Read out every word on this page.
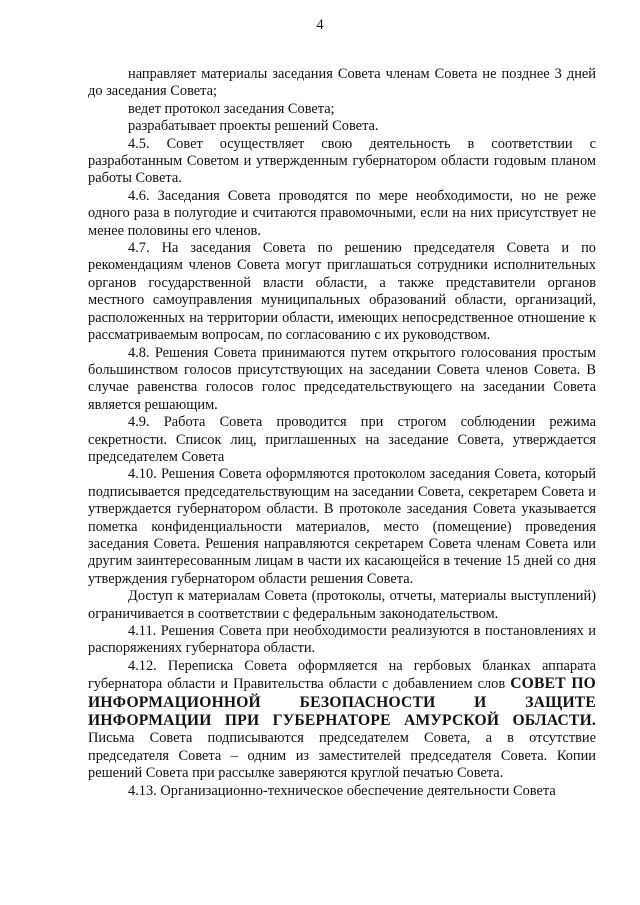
4

направляет материалы заседания Совета членам Совета не позднее 3 дней до заседания Совета;

ведет протокол заседания Совета;

разрабатывает проекты решений Совета.

4.5. Совет осуществляет свою деятельность в соответствии с разработанным Советом и утвержденным губернатором области годовым планом работы Совета.

4.6. Заседания Совета проводятся по мере необходимости, но не реже одного раза в полугодие и считаются правомочными, если на них присутствует не менее половины его членов.

4.7. На заседания Совета по решению председателя Совета и по рекомендациям членов Совета могут приглашаться сотрудники исполнительных органов государственной власти области, а также представители органов местного самоуправления муниципальных образований области, организаций, расположенных на территории области, имеющих непосредственное отношение к рассматриваемым вопросам, по согласованию с их руководством.

4.8. Решения Совета принимаются путем открытого голосования простым большинством голосов присутствующих на заседании Совета членов Совета. В случае равенства голосов голос председательствующего на заседании Совета является решающим.

4.9. Работа Совета проводится при строгом соблюдении режима секретности. Список лиц, приглашенных на заседание Совета, утверждается председателем Совета

4.10. Решения Совета оформляются протоколом заседания Совета, который подписывается председательствующим на заседании Совета, секретарем Совета и утверждается губернатором области. В протоколе заседания Совета указывается пометка конфиденциальности материалов, место (помещение) проведения заседания Совета. Решения направляются секретарем Совета членам Совета или другим заинтересованным лицам в части их касающейся в течение 15 дней со дня утверждения губернатором области решения Совета.

Доступ к материалам Совета (протоколы, отчеты, материалы выступлений) ограничивается в соответствии с федеральным законодательством.

4.11. Решения Совета при необходимости реализуются в постановлениях и распоряжениях губернатора области.

4.12. Переписка Совета оформляется на гербовых бланках аппарата губернатора области и Правительства области с добавлением слов СОВЕТ ПО ИНФОРМАЦИОННОЙ БЕЗОПАСНОСТИ И ЗАЩИТЕ ИНФОРМАЦИИ ПРИ ГУБЕРНАТОРЕ АМУРСКОЙ ОБЛАСТИ. Письма Совета подписываются председателем Совета, а в отсутствие председателя Совета – одним из заместителей председателя Совета. Копии решений Совета при рассылке заверяются круглой печатью Совета.

4.13. Организационно-техническое обеспечение деятельности Совета
